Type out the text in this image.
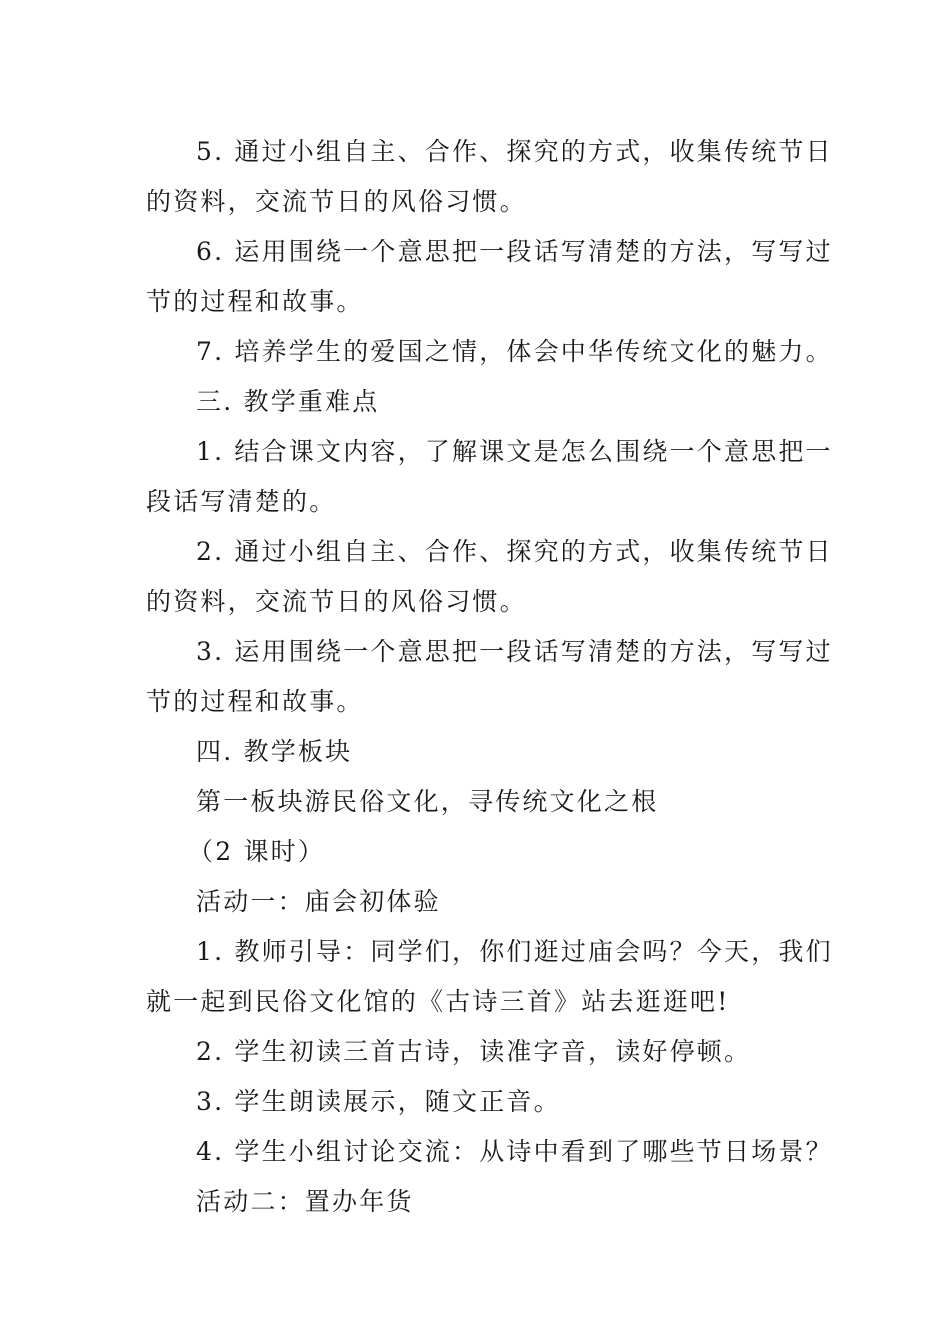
5. 通过小组自主、合作、探究的方式，收集传统节日
的资料，交流节日的风俗习惯。
6. 运用围绕一个意思把一段话写清楚的方法，写写过
节的过程和故事。
7. 培养学生的爱国之情，体会中华传统文化的魅力。
三. 教学重难点
1. 结合课文内容，了解课文是怎么围绕一个意思把一
段话写清楚的。
2. 通过小组自主、合作、探究的方式，收集传统节日
的资料，交流节日的风俗习惯。
3. 运用围绕一个意思把一段话写清楚的方法，写写过
节的过程和故事。
四. 教学板块
第一板块游民俗文化，寻传统文化之根
（2 课时）
活动一：庙会初体验
1. 教师引导：同学们，你们逛过庙会吗？今天，我们
就一起到民俗文化馆的《古诗三首》站去逛逛吧!
2. 学生初读三首古诗，读准字音，读好停顿。
3. 学生朗读展示，随文正音。
4. 学生小组讨论交流：从诗中看到了哪些节日场景？
活动二：置办年货
